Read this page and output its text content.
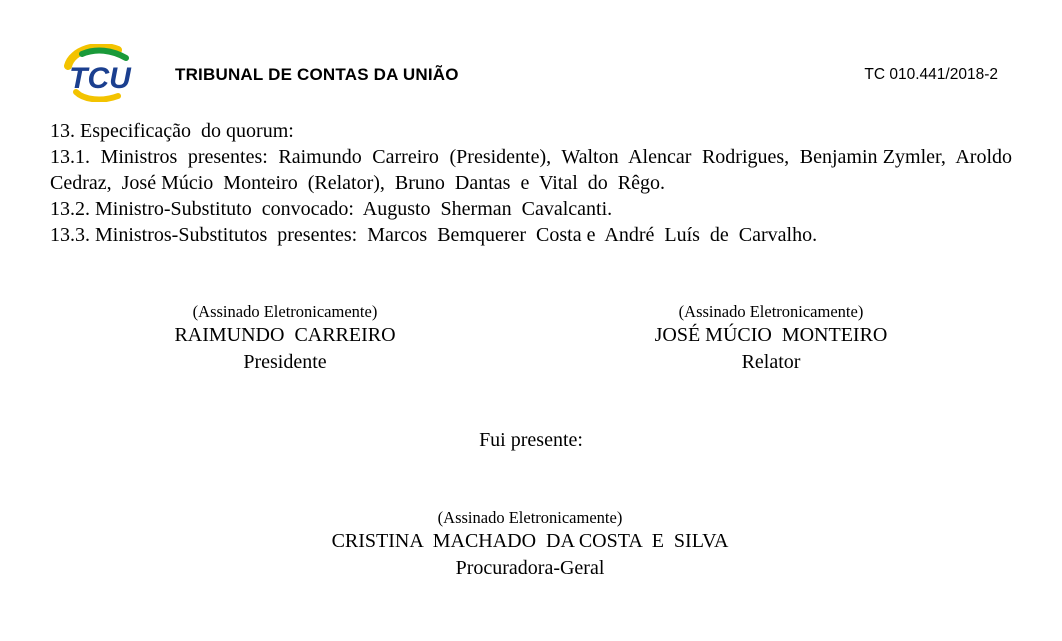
TCU	TRIBUNAL DE CONTAS DA UNIÃO	TC 010.441/2018-2

13. Especificação  do quorum:

13.1.  Ministros  presentes:  Raimundo  Carreiro  (Presidente),  Walton  Alencar  Rodrigues,  Benjamin Zymler,  Aroldo  Cedraz,  José Múcio  Monteiro  (Relator),  Bruno  Dantas  e  Vital  do  Rêgo.

13.2. Ministro-Substituto  convocado:  Augusto  Sherman  Cavalcanti.

13.3. Ministros-Substitutos  presentes:  Marcos  Bemquerer  Costa e  André  Luís  de  Carvalho.

(Assinado Eletronicamente)
RAIMUNDO  CARREIRO
Presidente
(Assinado Eletronicamente)
JOSÉ MÚCIO  MONTEIRO
Relator
Fui presente:
(Assinado Eletronicamente)
CRISTINA  MACHADO  DA COSTA  E  SILVA
Procuradora-Geral
